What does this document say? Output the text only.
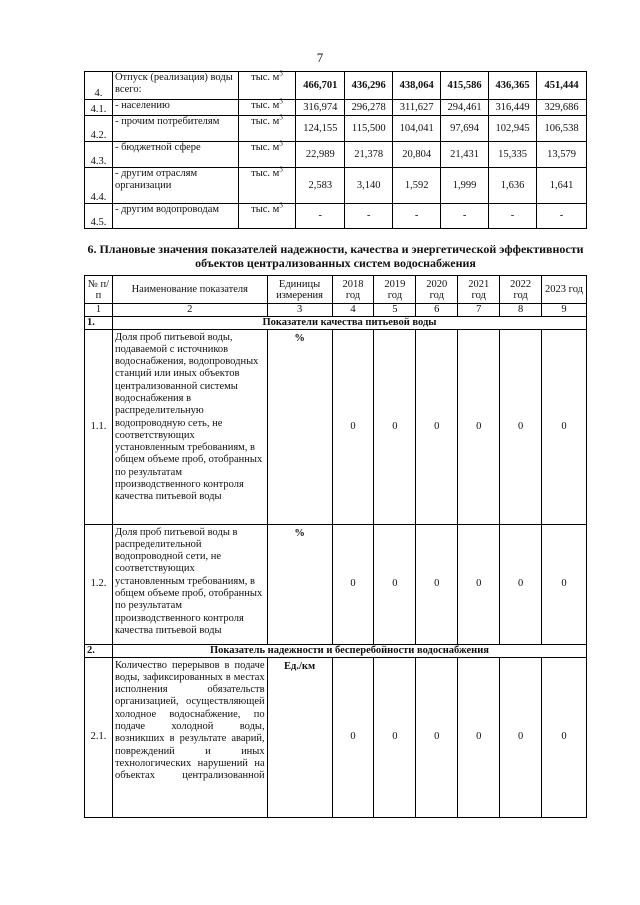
7
4.	Отпуск (реализация) воды всего:	тыс. $м^3$	466,701	436,296	438,064	415,586	436,365	451,444
4.1.	- населению	тыс. $м^3$	316,974	296,278	311,627	294,461	316,449	329,686
4.2.	- прочим потребителям	тыс. $м^3$	124,155	115,500	104,041	97,694	102,945	106,538
4.3.	- бюджетной сфере	тыс. $м^3$	22,989	21,378	20,804	21,431	15,335	13,579
4.4.	- другим отраслям организации	тыс. $м^3$	2,583	3,140	1,592	1,999	1,636	1,641
4.5.	- другим водопроводам	тыс. $м^3$	-	-	-	-	-	-
6. Плановые значения показателей надежности, качества и энергетической эффективности объектов централизованных систем водоснабжения
№ п/п	Наименование показателя	Единицы измерения	2018 год	2019 год	2020 год	2021 год	2022 год	2023 год
1	2	3	4	5	6	7	8	9
1.	Показатели качества питьевой воды							
1.1.	Доля проб питьевой воды, подаваемой с источников водоснабжения, водопроводных станций или иных объектов централизованной системы водоснабжения в распределительную водопроводную сеть, не соответствующих установленным требованиям, в общем объеме проб, отобранных по результатам производственного контроля качества питьевой воды	%	0	0	0	0	0	0
1.2.	Доля проб питьевой воды в распределительной водопроводной сети, не соответствующих установленным требованиям, в общем объеме проб, отобранных по результатам производственного контроля качества питьевой воды	%	0	0	0	0	0	0
2.	Показатель надежности и бесперебойности водоснабжения							
2.1.	Количество перерывов в подаче воды, зафиксированных в местах исполнения обязательств организацией, осуществляющей холодное водоснабжение, по подаче холодной воды, возникших в результате аварий, повреждений и иных технологических нарушений на объектах централизованной	Ед./км	0	0	0	0	0	0
